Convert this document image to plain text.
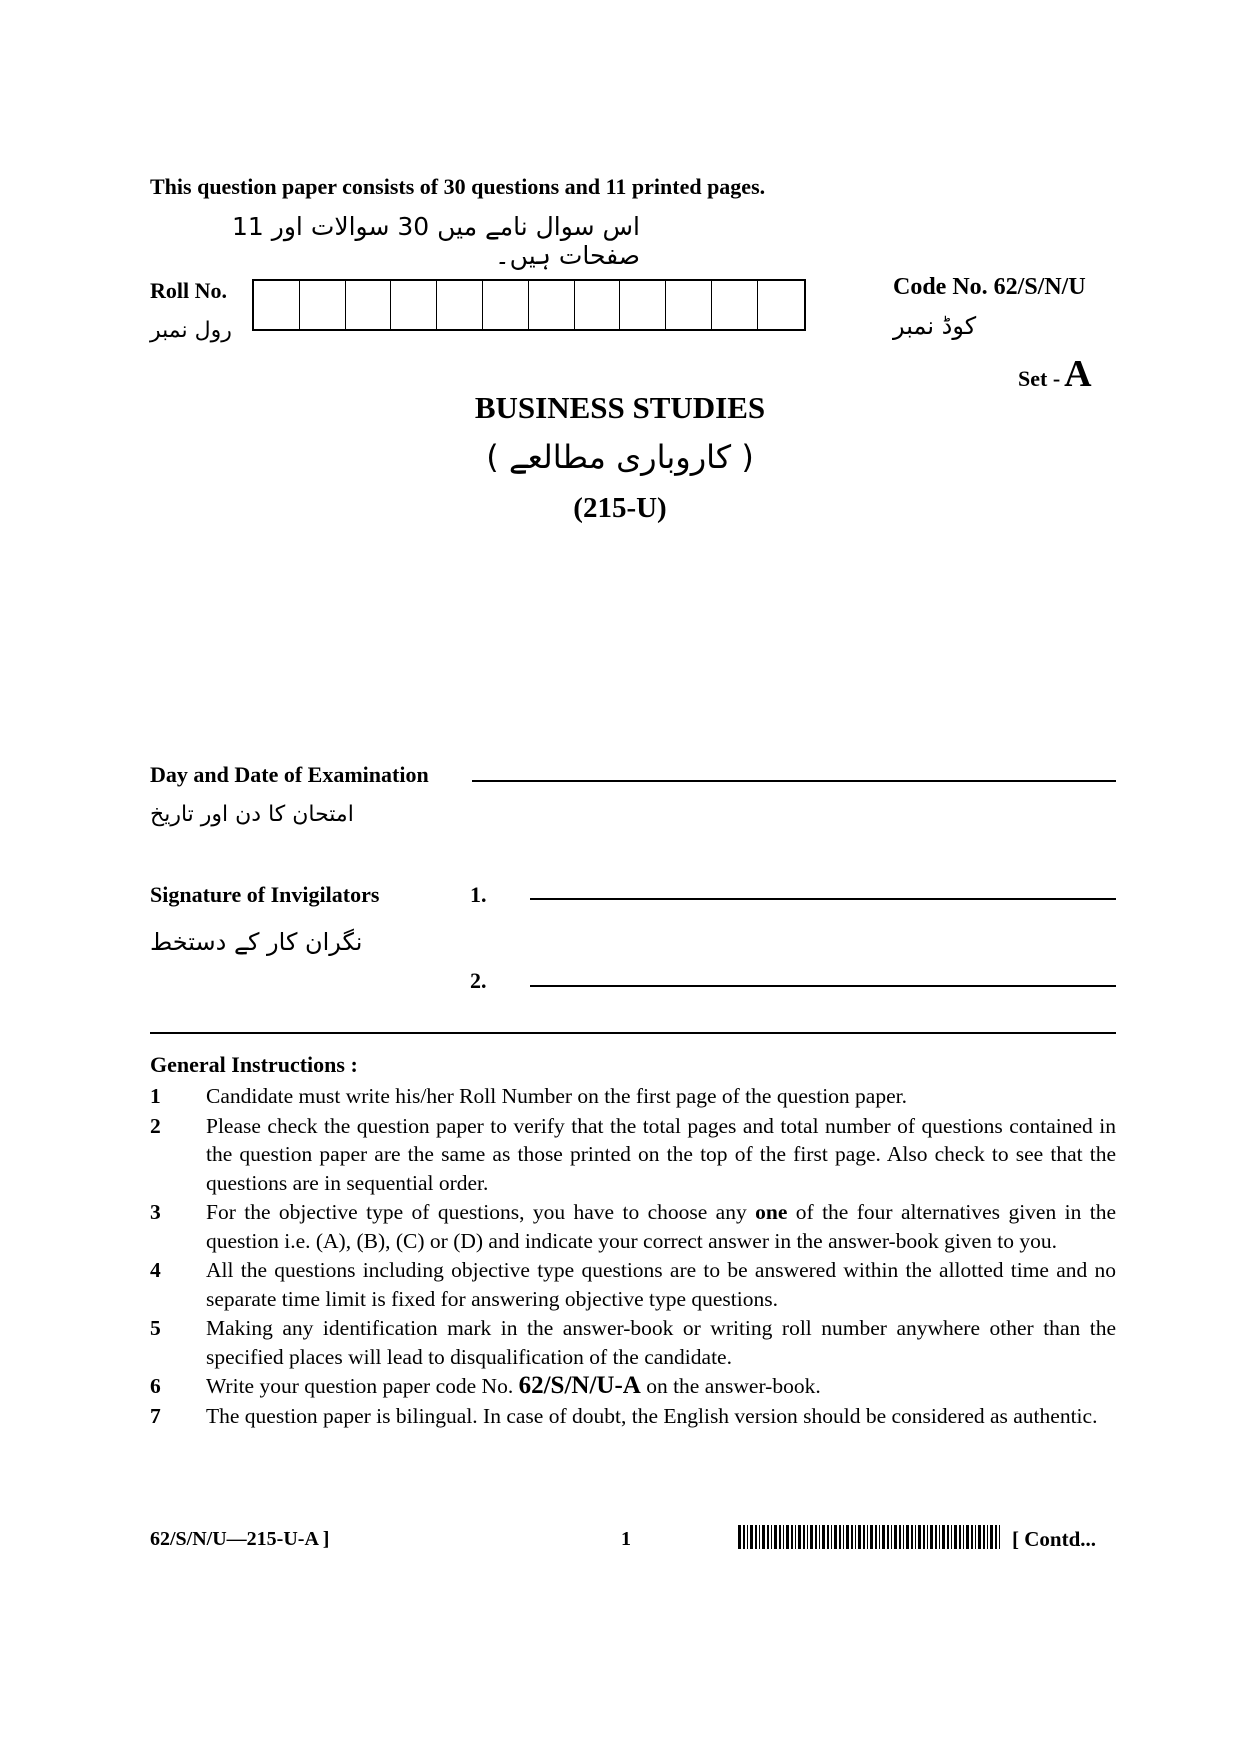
This question paper consists of 30 questions and 11 printed pages.
اس سوال نامے میں 30 سوالات اور 11 صفحات ہیں۔
Roll No.
رول نمبر
Code No. 62/S/N/U
کوڈ نمبر
Set - A
BUSINESS STUDIES
( کاروباری مطالعے )
(215-U)
Day and Date of Examination
امتحان کا دن اور تاریخ
Signature of Invigilators	1.
نگران کار کے دستخط
2.
General Instructions :
1	Candidate must write his/her Roll Number on the first page of the question paper.
2	Please check the question paper to verify that the total pages and total number of questions contained in the question paper are the same as those printed on the top of the first page. Also check to see that the questions are in sequential order.
3	For the objective type of questions, you have to choose any one of the four alternatives given in the question i.e. (A), (B), (C) or (D) and indicate your correct answer in the answer-book given to you.
4	All the questions including objective type questions are to be answered within the allotted time and no separate time limit is fixed for answering objective type questions.
5	Making any identification mark in the answer-book or writing roll number anywhere other than the specified places will lead to disqualification of the candidate.
6	Write your question paper code No. 62/S/N/U-A on the answer-book.
7	The question paper is bilingual. In case of doubt, the English version should be considered as authentic.
62/S/N/U—215-U-A ]	1	[ Contd...
